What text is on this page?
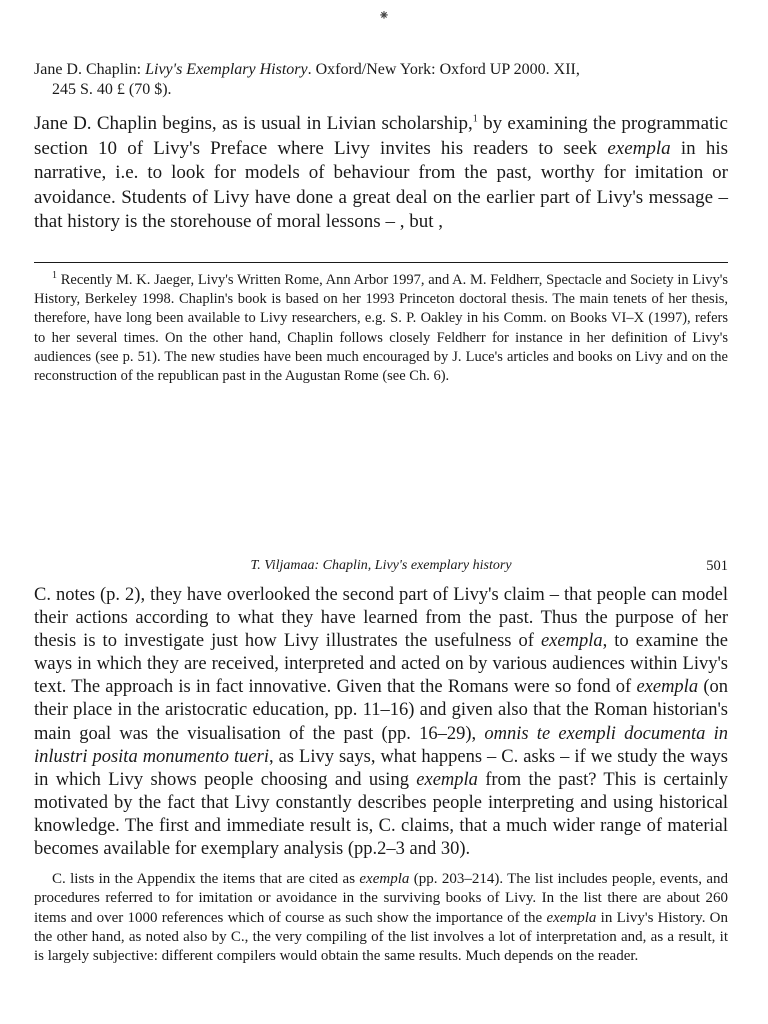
⁕
Jane D. Chaplin: Livy's Exemplary History. Oxford/New York: Oxford UP 2000. XII,
245 S. 40 £ (70 $).
Jane D. Chaplin begins, as is usual in Livian scholarship,$^1$ by examining the programmatic section 10 of Livy's Preface where Livy invites his readers to seek exempla in his narrative, i.e. to look for models of behaviour from the past, worthy for imitation or avoidance. Students of Livy have done a great deal on the earlier part of Livy's message – that history is the storehouse of moral lessons – , but ,
$^1$ Recently M. K. Jaeger, Livy's Written Rome, Ann Arbor 1997, and A. M. Feldherr, Spectacle and Society in Livy's History, Berkeley 1998. Chaplin's book is based on her 1993 Princeton doctoral thesis. The main tenets of her thesis, therefore, have long been available to Livy researchers, e.g. S. P. Oakley in his Comm. on Books VI–X (1997), refers to her several times. On the other hand, Chaplin follows closely Feldherr for instance in her definition of Livy's audiences (see p. 51). The new studies have been much encouraged by J. Luce's articles and books on Livy and on the reconstruction of the republican past in the Augustan Rome (see Ch. 6).
T. Viljamaa: Chaplin, Livy's exemplary history	501
C. notes (p. 2), they have overlooked the second part of Livy's claim – that people can model their actions according to what they have learned from the past. Thus the purpose of her thesis is to investigate just how Livy illustrates the usefulness of exempla, to examine the ways in which they are received, interpreted and acted on by various audiences within Livy's text. The approach is in fact innovative. Given that the Romans were so fond of exempla (on their place in the aristocratic education, pp. 11–16) and given also that the Roman historian's main goal was the visualisation of the past (pp. 16–29), omnis te exempli documenta in inlustri posita monumento tueri, as Livy says, what happens – C. asks – if we study the ways in which Livy shows people choosing and using exempla from the past? This is certainly motivated by the fact that Livy constantly describes people interpreting and using historical knowledge. The first and immediate result is, C. claims, that a much wider range of material becomes available for exemplary analysis (pp.2–3 and 30).
C. lists in the Appendix the items that are cited as exempla (pp. 203–214). The list includes people, events, and procedures referred to for imitation or avoidance in the surviving books of Livy. In the list there are about 260 items and over 1000 references which of course as such show the importance of the exempla in Livy's History. On the other hand, as noted also by C., the very compiling of the list involves a lot of interpretation and, as a result, it is largely subjective: different compilers would obtain the same results. Much depends on the reader.
